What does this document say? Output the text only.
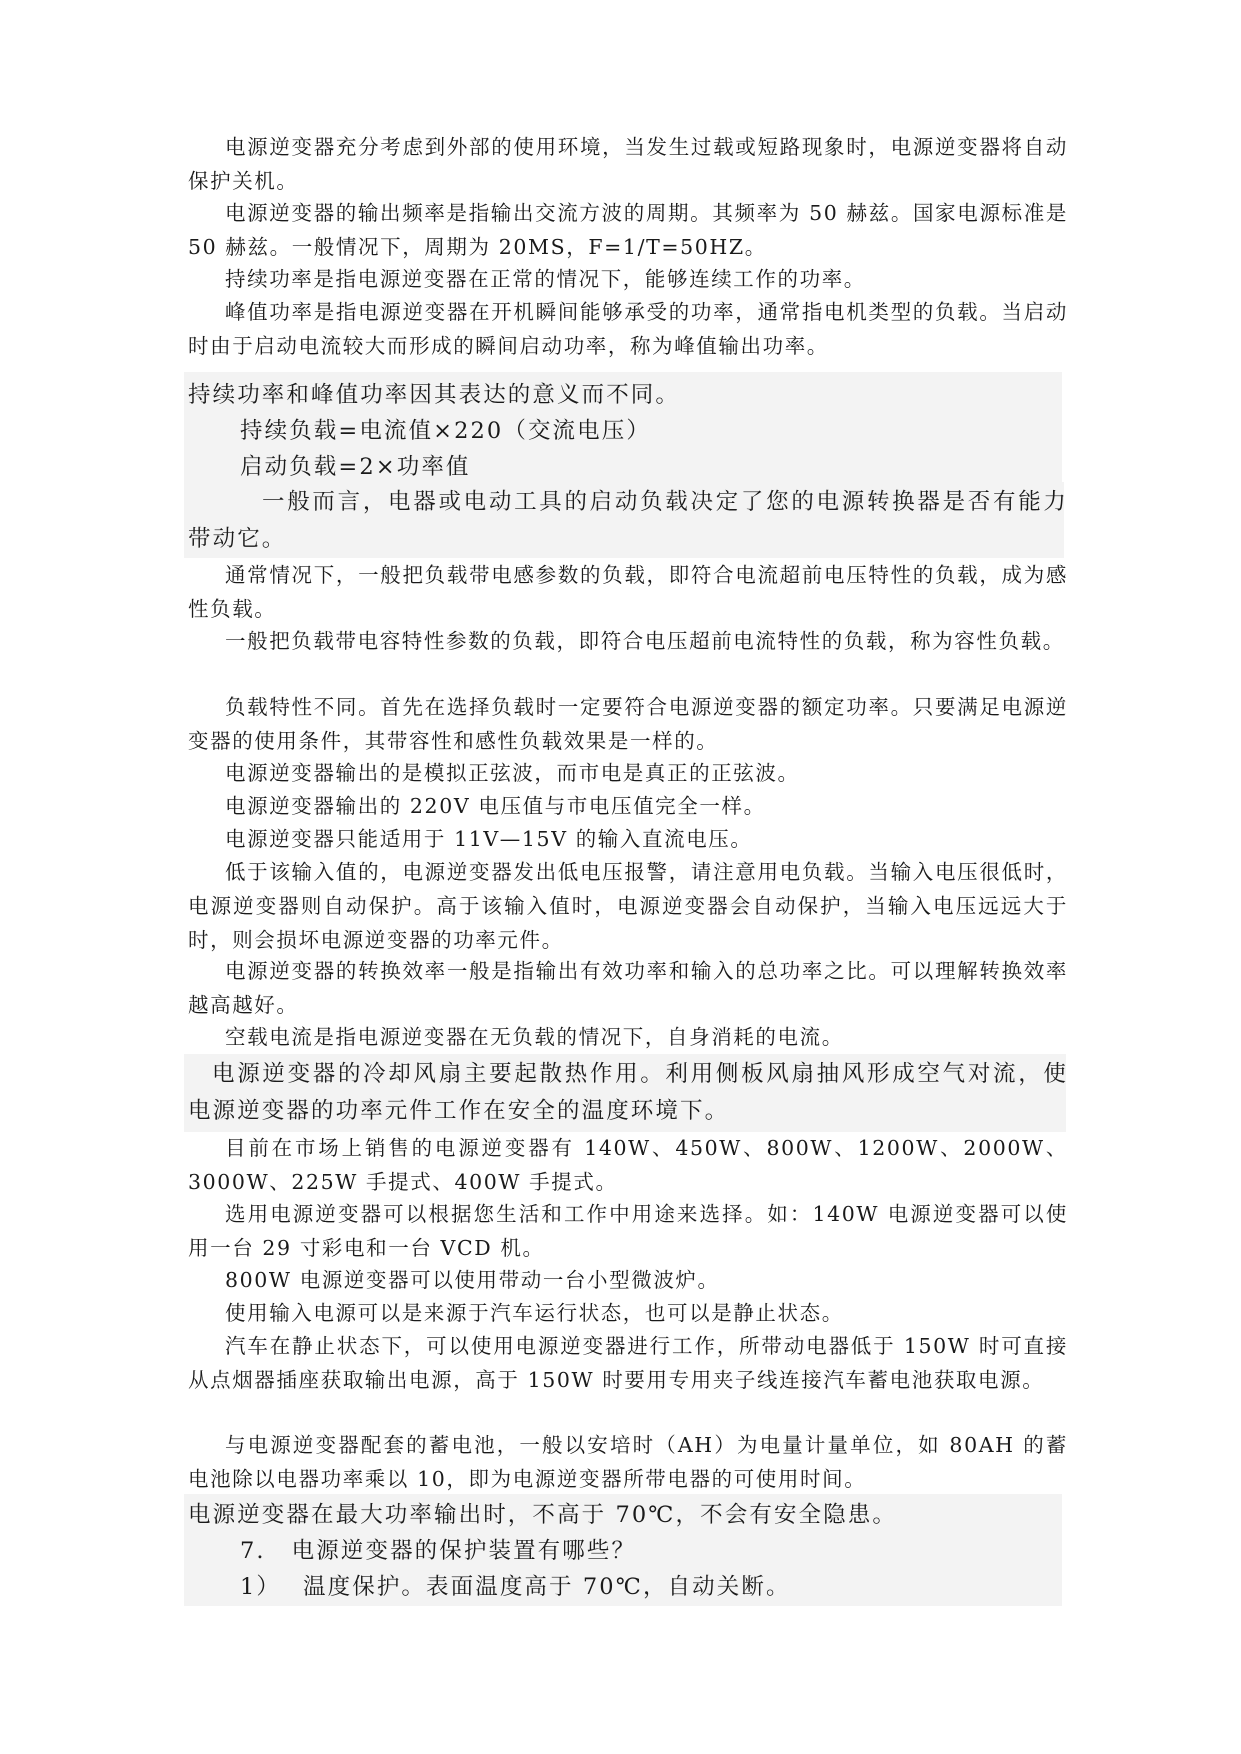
电源逆变器充分考虑到外部的使用环境，当发生过载或短路现象时，电源逆变器将自动保护关机。

电源逆变器的输出频率是指输出交流方波的周期。其频率为 50 赫兹。国家电源标准是 50 赫兹。一般情况下，周期为 20MS，F=1/T=50HZ。

持续功率是指电源逆变器在正常的情况下，能够连续工作的功率。

峰值功率是指电源逆变器在开机瞬间能够承受的功率，通常指电机类型的负载。当启动时由于启动电流较大而形成的瞬间启动功率，称为峰值输出功率。

持续功率和峰值功率因其表达的意义而不同。

持续负载=电流值×220（交流电压）

启动负载=2×功率值

一般而言，电器或电动工具的启动负载决定了您的电源转换器是否有能力带动它。

通常情况下，一般把负载带电感参数的负载，即符合电流超前电压特性的负载，成为感性负载。

一般把负载带电容特性参数的负载，即符合电压超前电流特性的负载，称为容性负载。

负载特性不同。首先在选择负载时一定要符合电源逆变器的额定功率。只要满足电源逆变器的使用条件，其带容性和感性负载效果是一样的。

电源逆变器输出的是模拟正弦波，而市电是真正的正弦波。

电源逆变器输出的 220V 电压值与市电压值完全一样。

电源逆变器只能适用于 11V—15V 的输入直流电压。

低于该输入值的，电源逆变器发出低电压报警，请注意用电负载。当输入电压很低时，电源逆变器则自动保护。高于该输入值时，电源逆变器会自动保护，当输入电压远远大于时，则会损坏电源逆变器的功率元件。

电源逆变器的转换效率一般是指输出有效功率和输入的总功率之比。可以理解转换效率越高越好。

空载电流是指电源逆变器在无负载的情况下，自身消耗的电流。

电源逆变器的冷却风扇主要起散热作用。利用侧板风扇抽风形成空气对流，使电源逆变器的功率元件工作在安全的温度环境下。

目前在市场上销售的电源逆变器有 140W、450W、800W、1200W、2000W、3000W、225W 手提式、400W 手提式。

选用电源逆变器可以根据您生活和工作中用途来选择。如：140W 电源逆变器可以使用一台 29 寸彩电和一台 VCD 机。

800W 电源逆变器可以使用带动一台小型微波炉。

使用输入电源可以是来源于汽车运行状态，也可以是静止状态。

汽车在静止状态下，可以使用电源逆变器进行工作，所带动电器低于 150W 时可直接从点烟器插座获取输出电源，高于 150W 时要用专用夹子线连接汽车蓄电池获取电源。

与电源逆变器配套的蓄电池，一般以安培时（AH）为电量计量单位，如 80AH 的蓄电池除以电器功率乘以 10，即为电源逆变器所带电器的可使用时间。

电源逆变器在最大功率输出时，不高于 70℃，不会有安全隐患。

7. 电源逆变器的保护装置有哪些？
1） 温度保护。表面温度高于 70℃，自动关断。
